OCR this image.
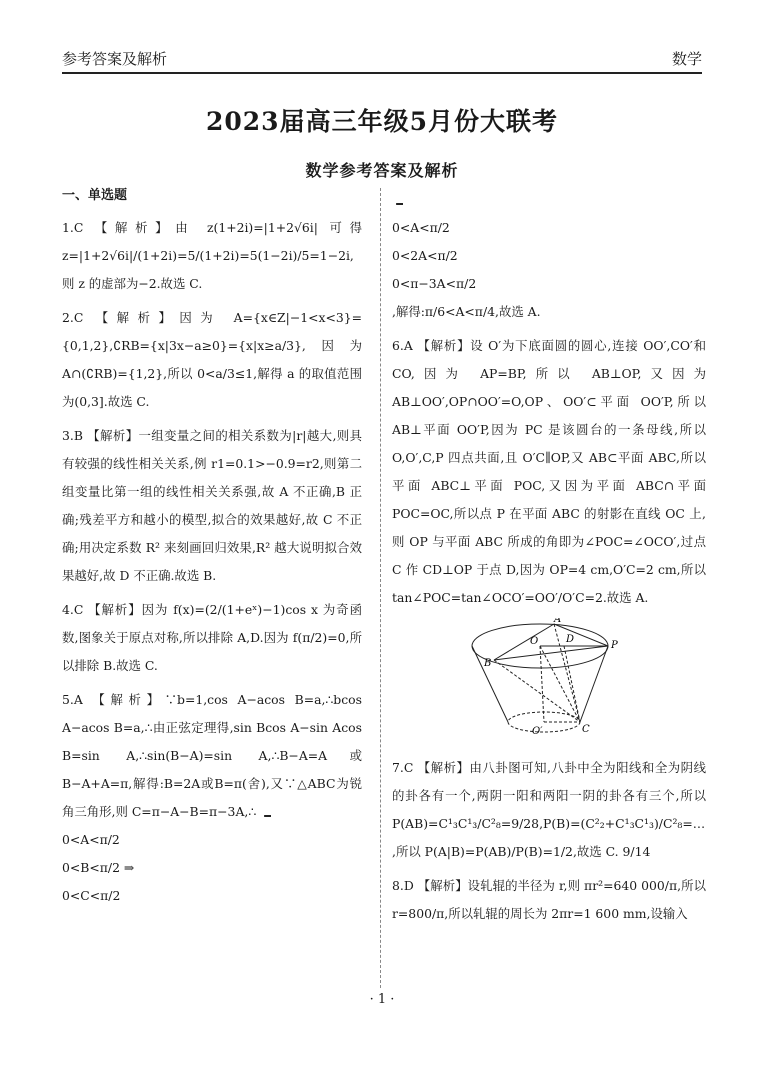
参考答案及解析	数学
2023届高三年级5月份大联考
数学参考答案及解析
一、单选题

1.C 【解析】由 z(1+2i)=|1+2√6i| 可得 z=|1+2√6i|/(1+2i)=5/(1+2i)=5(1−2i)/5=1−2i,则 z 的虚部为−2.故选 C.

2.C 【解析】因为 A={x∈Z|−1<x<3}={0,1,2},∁RB={x|3x−a≥0}={x|x≥a/3},因为 A∩(∁RB)={1,2},所以 0<a/3≤1,解得 a 的取值范围为(0,3].故选 C.

3.B 【解析】一组变量之间的相关系数为|r|越大,则具有较强的线性相关关系,例 r1=0.1>−0.9=r2,则第二组变量比第一组的线性相关关系强,故 A 不正确,B 正确;残差平方和越小的模型,拟合的效果越好,故 C 不正确;用决定系数 R² 来刻画回归效果,R² 越大说明拟合效果越好,故 D 不正确.故选 B.

4.C 【解析】因为 f(x)=(2/(1+eˣ)−1)cos x 为奇函数,图象关于原点对称,所以排除 A,D.因为 f(π/2)=0,所以排除 B.故选 C.

5.A 【解析】∵b=1,cos A−acos B=a,∴bcos A−acos B=a,∴由正弦定理得,sin Bcos A−sin Acos B=sin A,∴sin(B−A)=sin A,∴B−A=A或B−A+A=π,解得:B=2A或B=π(舍),又∵△ABC为锐角三角形,则 C=π−A−B=π−3A,∴

0<A<π/2
0<B<π/2 ⇒
0<C<π/2

0<A<π/2
0<2A<π/2
0<π−3A<π/2
,解得:π/6<A<π/4,故选 A.

6.A 【解析】设 O′为下底面圆的圆心,连接 OO′,CO′和 CO,因为 AP=BP,所以 AB⊥OP,又因为 AB⊥OO′,OP∩OO′=O,OP、OO′⊂平面 OO′P,所以 AB⊥平面 OO′P,因为 PC 是该圆台的一条母线,所以 O,O′,C,P 四点共面,且 O′C∥OP,又 AB⊂平面 ABC,所以平面 ABC⊥平面 POC,又因为平面 ABC∩平面 POC=OC,所以点 P 在平面 ABC 的射影在直线 OC 上,则 OP 与平面 ABC 所成的角即为∠POC=∠OCO′,过点 C 作 CD⊥OP 于点 D,因为 OP=4 cm,O′C=2 cm,所以 tan∠POC=tan∠OCO′=OO′/O′C=2.故选 A.

A
O	D
P
B
O′	C

7.C 【解析】由八卦图可知,八卦中全为阳线和全为阴线的卦各有一个,两阴一阳和两阳一阴的卦各有三个,所以 P(AB)=C¹₃C¹₃/C²₈=9/28,P(B)=(C²₂+C¹₃C¹₃)/C²₈=… ,所以 P(A|B)=P(AB)/P(B)=1/2,故选 C. 9/14

8.D 【解析】设轧辊的半径为 r,则 πr²=640 000/π,所以 r=800/π,所以轧辊的周长为 2πr=1 600 mm,设输入

· 1 ·
